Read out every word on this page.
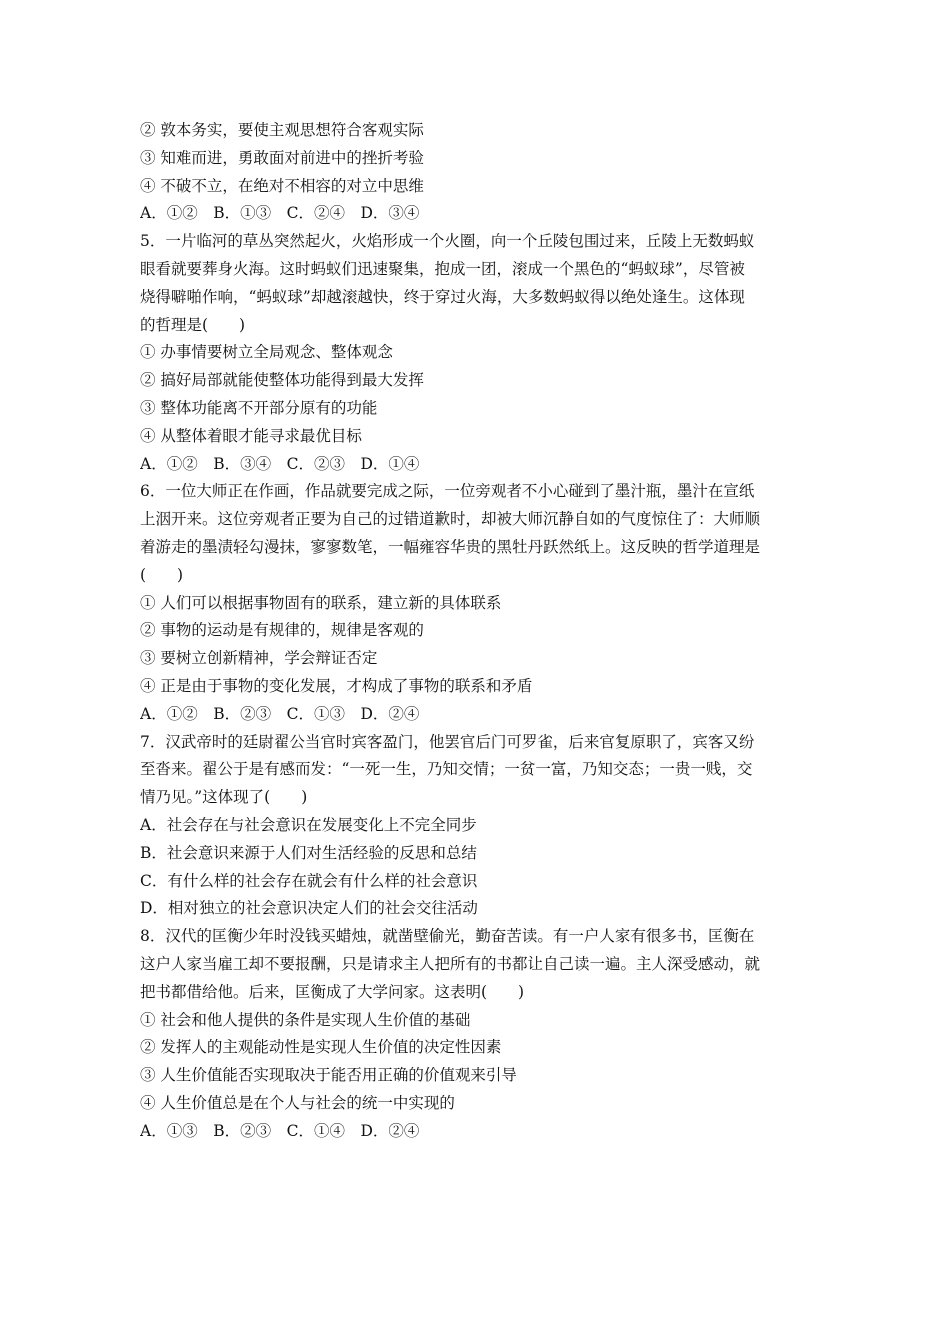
② 敦本务实，要使主观思想符合客观实际
③ 知难而进，勇敢面对前进中的挫折考验
④ 不破不立，在绝对不相容的对立中思维
A．①②　B．①③　C．②④　D．③④
5．一片临河的草丛突然起火，火焰形成一个火圈，向一个丘陵包围过来，丘陵上无数蚂蚁
眼看就要葬身火海。这时蚂蚁们迅速聚集，抱成一团，滚成一个黑色的“蚂蚁球”，尽管被
烧得噼啪作响，“蚂蚁球”却越滚越快，终于穿过火海，大多数蚂蚁得以绝处逢生。这体现
的哲理是(　　)
① 办事情要树立全局观念、整体观念
② 搞好局部就能使整体功能得到最大发挥
③ 整体功能离不开部分原有的功能
④ 从整体着眼才能寻求最优目标
A．①②　B．③④　C．②③　D．①④
6．一位大师正在作画，作品就要完成之际，一位旁观者不小心碰到了墨汁瓶，墨汁在宣纸
上洇开来。这位旁观者正要为自己的过错道歉时，却被大师沉静自如的气度惊住了：大师顺
着游走的墨渍轻勾漫抹，寥寥数笔，一幅雍容华贵的黑牡丹跃然纸上。这反映的哲学道理是
(　　)
① 人们可以根据事物固有的联系，建立新的具体联系
② 事物的运动是有规律的，规律是客观的
③ 要树立创新精神，学会辩证否定
④ 正是由于事物的变化发展，才构成了事物的联系和矛盾
A．①②　B．②③　C．①③　D．②④
7．汉武帝时的廷尉翟公当官时宾客盈门，他罢官后门可罗雀，后来官复原职了，宾客又纷
至沓来。翟公于是有感而发：“一死一生，乃知交情；一贫一富，乃知交态；一贵一贱，交
情乃见。”这体现了(　　)
A．社会存在与社会意识在发展变化上不完全同步
B．社会意识来源于人们对生活经验的反思和总结
C．有什么样的社会存在就会有什么样的社会意识
D．相对独立的社会意识决定人们的社会交往活动
8．汉代的匡衡少年时没钱买蜡烛，就凿壁偷光，勤奋苦读。有一户人家有很多书，匡衡在
这户人家当雇工却不要报酬，只是请求主人把所有的书都让自己读一遍。主人深受感动，就
把书都借给他。后来，匡衡成了大学问家。这表明(　　)
① 社会和他人提供的条件是实现人生价值的基础
② 发挥人的主观能动性是实现人生价值的决定性因素
③ 人生价值能否实现取决于能否用正确的价值观来引导
④ 人生价值总是在个人与社会的统一中实现的
A．①③　B．②③　C．①④　D．②④
